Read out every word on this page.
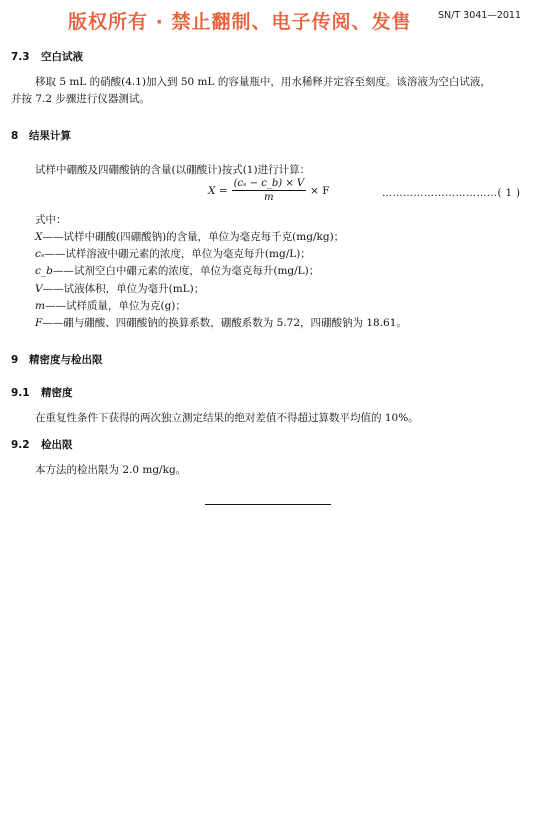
版权所有 · 禁止翻制、电子传阅、发售	SN/T 3041—2011
7.3 空白试液
移取 5 mL 的硝酸(4.1)加入到 50 mL 的容量瓶中，用水稀释并定容至刻度。该溶液为空白试液，
并按 7.2 步骤进行仪器测试。
8 结果计算
试样中硼酸及四硼酸钠的含量(以硼酸计)按式(1)进行计算：
$X = \frac{\text{(cₛ − c\_b) × V}}{m} \times F$	……………………………( 1 )
式中：
X——试样中硼酸(四硼酸钠)的含量，单位为毫克每千克(mg/kg)；
cₛ——试样溶液中硼元素的浓度，单位为毫克每升(mg/L)；
c_b——试剂空白中硼元素的浓度，单位为毫克每升(mg/L)；
V——试液体积，单位为毫升(mL)；
m——试样质量，单位为克(g)；
F——硼与硼酸、四硼酸钠的换算系数，硼酸系数为 5.72，四硼酸钠为 18.61。
9 精密度与检出限
9.1 精密度
在重复性条件下获得的两次独立测定结果的绝对差值不得超过算数平均值的 10%。
9.2 检出限
本方法的检出限为 2.0 mg/kg。
